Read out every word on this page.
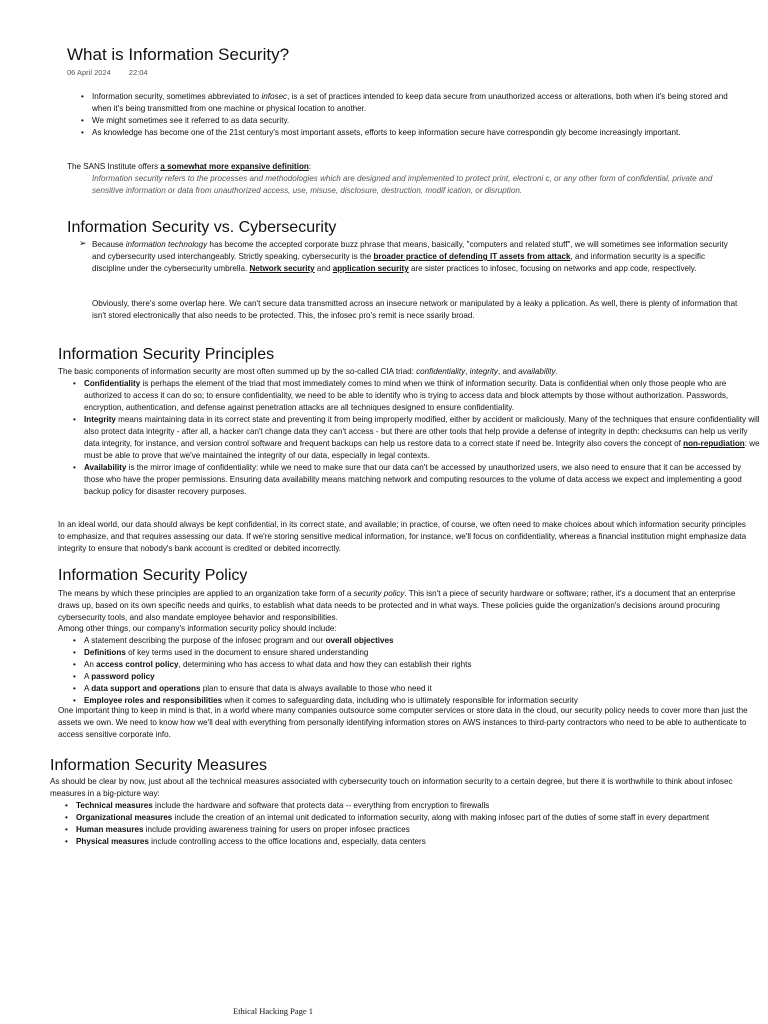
What is Information Security?
06 April 2024 22:04
• Information security, sometimes abbreviated to infosec, is a set of practices intended to keep data secure from unauthorized access or alterations, both when it's being stored and when it's being transmitted from one machine or physical location to another.
• We might sometimes see it referred to as data security.
• As knowledge has become one of the 21st century's most important assets, efforts to keep information secure have correspondin gly become increasingly important.

The SANS Institute offers a somewhat more expansive definition:

Information security refers to the processes and methodologies which are designed and implemented to protect print, electroni c, or any other form of confidential, private and sensitive information or data from unauthorized access, use, misuse, disclosure, destruction, modif ication, or disruption.

Information Security vs. Cybersecurity
➢ Because information technology has become the accepted corporate buzz phrase that means, basically, "computers and related stuff", we will sometimes see information security and cybersecurity used interchangeably. Strictly speaking, cybersecurity is the broader practice of defending IT assets from attack, and information security is a specific discipline under the cybersecurity umbrella. Network security and application security are sister practices to infosec, focusing on networks and app code, respectively.

Obviously, there's some overlap here. We can't secure data transmitted across an insecure network or manipulated by a leaky a pplication. As well, there is plenty of information that isn't stored electronically that also needs to be protected. This, the infosec pro's remit is nece ssarily broad.

Information Security Principles

The basic components of information security are most often summed up by the so-called CIA triad: confidentiality, integrity, and availability.

• Confidentiality is perhaps the element of the triad that most immediately comes to mind when we think of information security. Data is confidential when only those people who are authorized to access it can do so; to ensure confidentiality, we need to be able to identify who is trying to access data and block attempts by those without authorization. Passwords, encryption, authentication, and defense against penetration attacks are all techniques designed to ensure confidentiality.
• Integrity means maintaining data in its correct state and preventing it from being improperly modified, either by accident or maliciously. Many of the techniques that ensure confidentiality will also protect data integrity - after all, a hacker can't change data they can't access - but there are other tools that help provide a defense of integrity in depth: checksums can help us verify data integrity, for instance, and version control software and frequent backups can help us restore data to a correct state if need be. Integrity also covers the concept of non-repudiation: we must be able to prove that we've maintained the integrity of our data, especially in legal contexts.
• Availability is the mirror image of confidentiality: while we need to make sure that our data can't be accessed by unauthorized users, we also need to ensure that it can be accessed by those who have the proper permissions. Ensuring data availability means matching network and computing resources to the volume of data access we expect and implementing a good backup policy for disaster recovery purposes.

In an ideal world, our data should always be kept confidential, in its correct state, and available; in practice, of course, we often need to make choices about which information security principles to emphasize, and that requires assessing our data. If we're storing sensitive medical information, for instance, we'll focus on confidentiality, whereas a financial institution might emphasize data integrity to ensure that nobody's bank account is credited or debited incorrectly.

Information Security Policy

The means by which these principles are applied to an organization take form of a security policy. This isn't a piece of security hardware or software; rather, it's a document that an enterprise draws up, based on its own specific needs and quirks, to establish what data needs to be protected and in what ways. These policies guide the organization's decisions around procuring cybersecurity tools, and also mandate employee behavior and responsibilities.

Among other things, our company's information security policy should include:

• A statement describing the purpose of the infosec program and our overall objectives
• Definitions of key terms used in the document to ensure shared understanding
• An access control policy, determining who has access to what data and how they can establish their rights
• A password policy
• A data support and operations plan to ensure that data is always available to those who need it
• Employee roles and responsibilities when it comes to safeguarding data, including who is ultimately responsible for information security

One important thing to keep in mind is that, in a world where many companies outsource some computer services or store data in the cloud, our security policy needs to cover more than just the assets we own. We need to know how we'll deal with everything from personally identifying information stores on AWS instances to third-party contractors who need to be able to authenticate to access sensitive corporate info.

Information Security Measures

As should be clear by now, just about all the technical measures associated with cybersecurity touch on information security to a certain degree, but there it is worthwhile to think about infosec measures in a big-picture way:

• Technical measures include the hardware and software that protects data -- everything from encryption to firewalls
• Organizational measures include the creation of an internal unit dedicated to information security, along with making infosec part of the duties of some staff in every department
• Human measures include providing awareness training for users on proper infosec practices
• Physical measures include controlling access to the office locations and, especially, data centers
Ethical Hacking Page 1
